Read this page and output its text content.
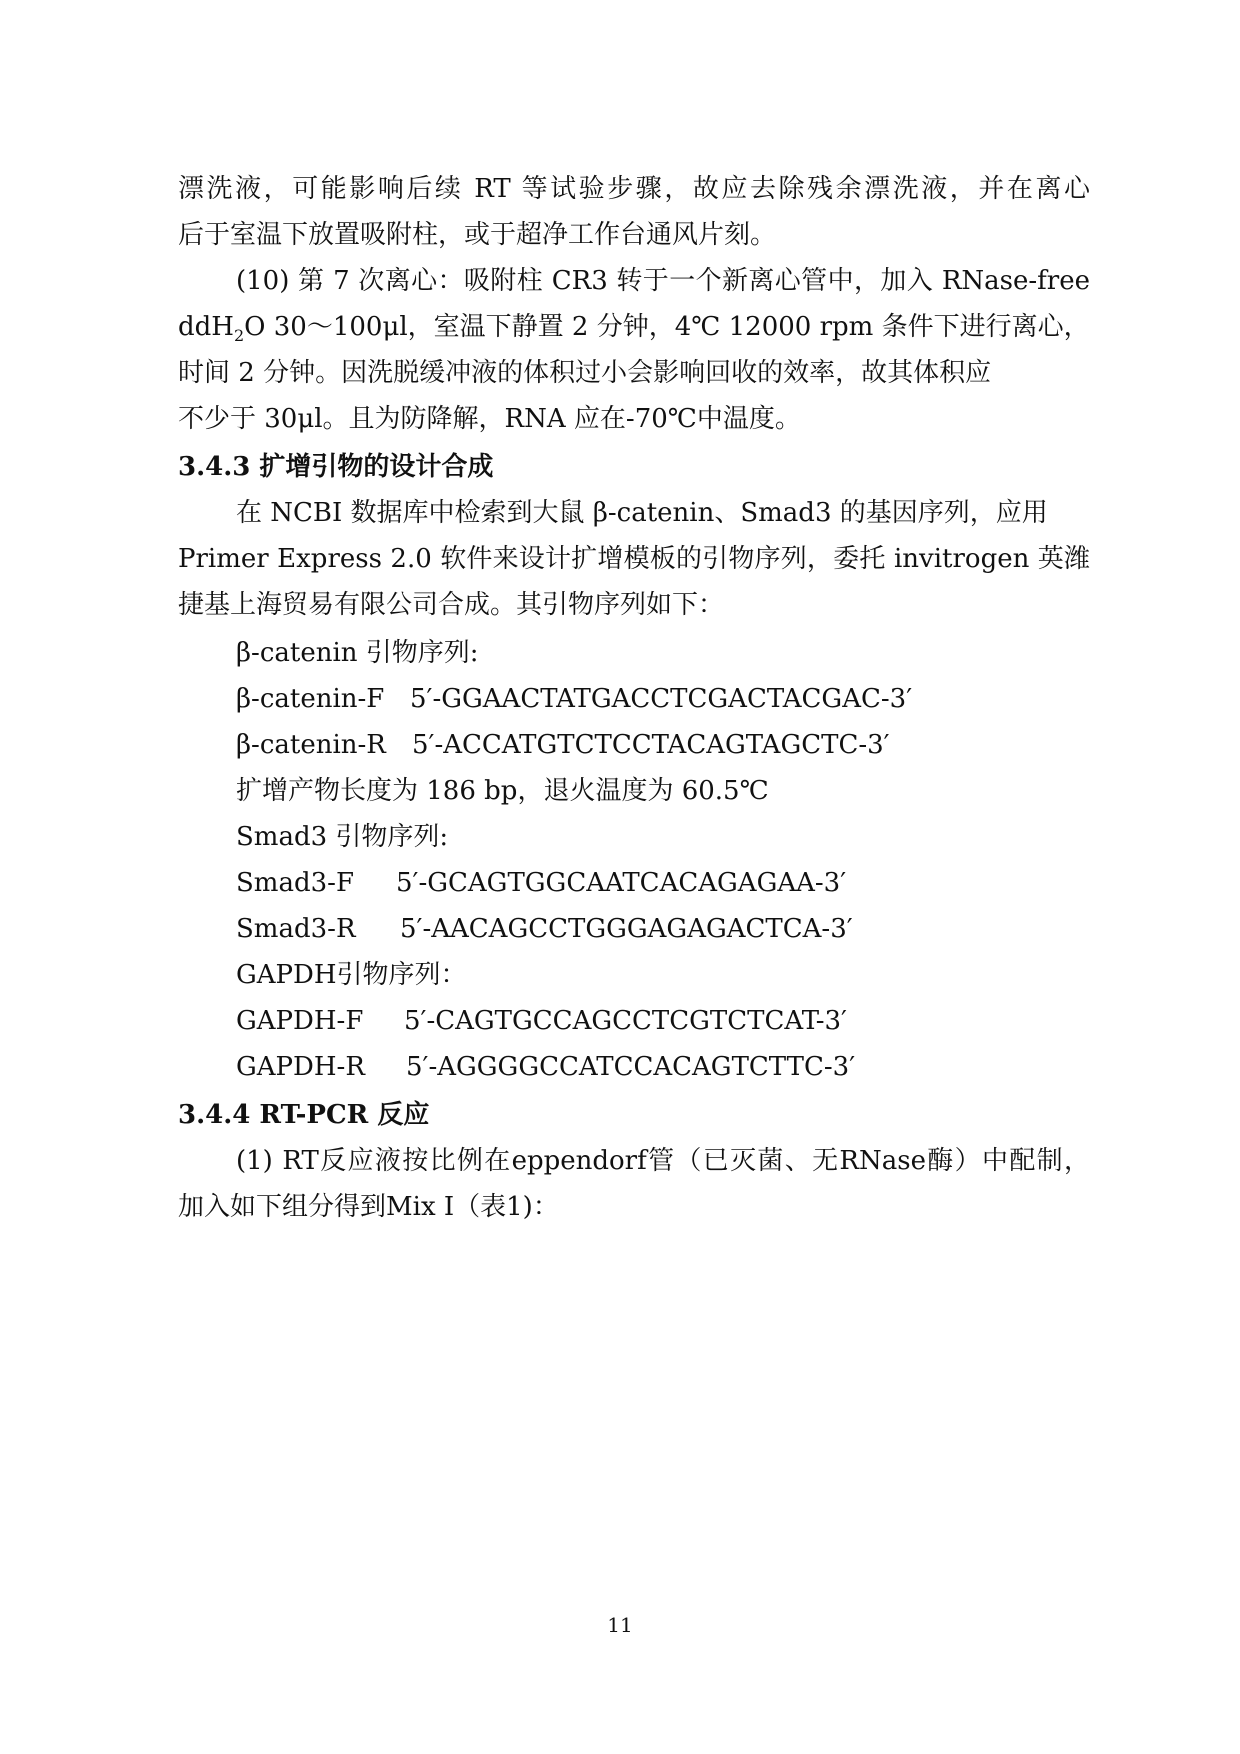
漂洗液，可能影响后续 RT 等试验步骤，故应去除残余漂洗液，并在离心
后于室温下放置吸附柱，或于超净工作台通风片刻。
(10) 第 7 次离心：吸附柱 CR3 转于一个新离心管中，加入 RNase-free
ddH$_2$O 30～100μl，室温下静置 2 分钟，4℃ 12000 rpm 条件下进行离心，
时间 2 分钟。因洗脱缓冲液的体积过小会影响回收的效率，故其体积应
不少于 30μl。且为防降解，RNA 应在-70℃中温度。
3.4.3 扩增引物的设计合成
在 NCBI 数据库中检索到大鼠 β-catenin、Smad3 的基因序列，应用
Primer Express 2.0 软件来设计扩增模板的引物序列，委托 invitrogen 英潍
捷基上海贸易有限公司合成。其引物序列如下：
β-catenin 引物序列:
β-catenin-F 5′-GGAACTATGACCTCGACTACGAC-3′
β-catenin-R 5′-ACCATGTCTCCTACAGTAGCTC-3′
扩增产物长度为 186 bp，退火温度为 60.5℃
Smad3 引物序列:
Smad3-F 5′-GCAGTGGCAATCACAGAGAA-3′
Smad3-R 5′-AACAGCCTGGGAGAGACTCA-3′
GAPDH引物序列：
GAPDH-F 5′-CAGTGCCAGCCTCGTCTCAT-3′
GAPDH-R 5′-AGGGGCCATCCACAGTCTTC-3′
3.4.4 RT-PCR 反应
(1) RT反应液按比例在eppendorf管（已灭菌、无RNase酶）中配制，
加入如下组分得到Mix I（表1)：
11
